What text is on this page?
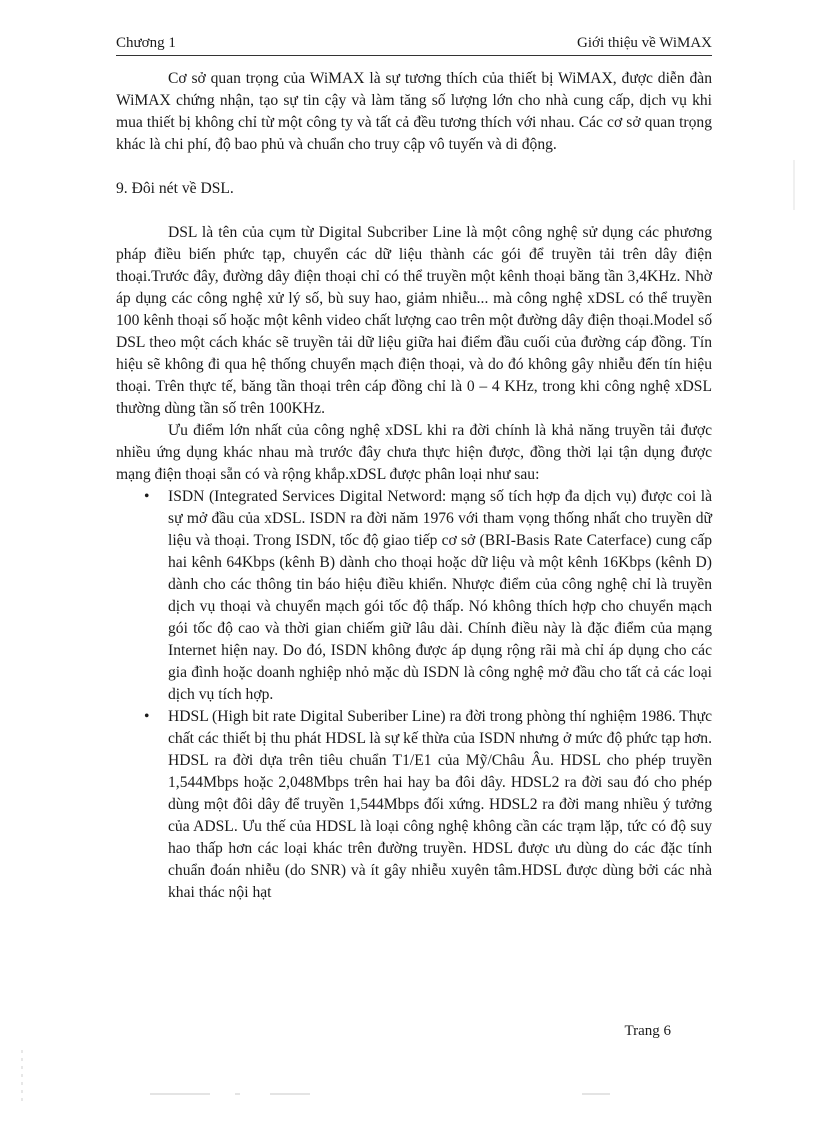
Chương 1	Giới thiệu về WiMAX

Cơ sở quan trọng của WiMAX là sự tương thích của thiết bị WiMAX, được diễn đàn WiMAX chứng nhận, tạo sự tin cậy và làm tăng số lượng lớn cho nhà cung cấp, dịch vụ khi mua thiết bị không chỉ từ một công ty và tất cả đều tương thích với nhau. Các cơ sở quan trọng khác là chi phí, độ bao phủ và chuẩn cho truy cập vô tuyến và di động.

9. Đôi nét về DSL.

DSL là tên của cụm từ Digital Subcriber Line là một công nghệ sử dụng các phương pháp điều biến phức tạp, chuyển các dữ liệu thành các gói để truyền tải trên dây điện thoại.Trước đây, đường dây điện thoại chỉ có thể truyền một kênh thoại băng tần 3,4KHz. Nhờ áp dụng các công nghệ xử lý số, bù suy hao, giảm nhiễu... mà công nghệ xDSL có thể truyền 100 kênh thoại số hoặc một kênh video chất lượng cao trên một đường dây điện thoại.Model số DSL theo một cách khác sẽ truyền tải dữ liệu giữa hai điểm đầu cuối của đường cáp đồng. Tín hiệu sẽ không đi qua hệ thống chuyển mạch điện thoại, và do đó không gây nhiễu đến tín hiệu thoại. Trên thực tế, băng tần thoại trên cáp đồng chỉ là 0 – 4 KHz, trong khi công nghệ xDSL thường dùng tần số trên 100KHz.

Ưu điểm lớn nhất của công nghệ xDSL khi ra đời chính là khả năng truyền tải được nhiều ứng dụng khác nhau mà trước đây chưa thực hiện được, đồng thời lại tận dụng được mạng điện thoại sẵn có và rộng khắp.xDSL được phân loại như sau:

• ISDN (Integrated Services Digital Netword: mạng số tích hợp đa dịch vụ) được coi là sự mở đầu của xDSL. ISDN ra đời năm 1976 với tham vọng thống nhất cho truyền dữ liệu và thoại. Trong ISDN, tốc độ giao tiếp cơ sở (BRI-Basis Rate Caterface) cung cấp hai kênh 64Kbps (kênh B) dành cho thoại hoặc dữ liệu và một kênh 16Kbps (kênh D) dành cho các thông tin báo hiệu điều khiển. Nhược điểm của công nghệ chỉ là truyền dịch vụ thoại và chuyển mạch gói tốc độ thấp. Nó không thích hợp cho chuyển mạch gói tốc độ cao và thời gian chiếm giữ lâu dài. Chính điều này là đặc điểm của mạng Internet hiện nay. Do đó, ISDN không được áp dụng rộng rãi mà chỉ áp dụng cho các gia đình hoặc doanh nghiệp nhỏ mặc dù ISDN là công nghệ mở đầu cho tất cả các loại dịch vụ tích hợp.
• HDSL (High bit rate Digital Suberiber Line) ra đời trong phòng thí nghiệm 1986. Thực chất các thiết bị thu phát HDSL là sự kế thừa của ISDN nhưng ở mức độ phức tạp hơn. HDSL ra đời dựa trên tiêu chuẩn T1/E1 của Mỹ/Châu Âu. HDSL cho phép truyền 1,544Mbps hoặc 2,048Mbps trên hai hay ba đôi dây. HDSL2 ra đời sau đó cho phép dùng một đôi dây để truyền 1,544Mbps đối xứng. HDSL2 ra đời mang nhiều ý tưởng của ADSL. Ưu thế của HDSL là loại công nghệ không cần các trạm lặp, tức có độ suy hao thấp hơn các loại khác trên đường truyền. HDSL được ưu dùng do các đặc tính chuẩn đoán nhiễu (do SNR) và ít gây nhiễu xuyên tâm.HDSL được dùng bởi các nhà khai thác nội hạt
Trang 6
